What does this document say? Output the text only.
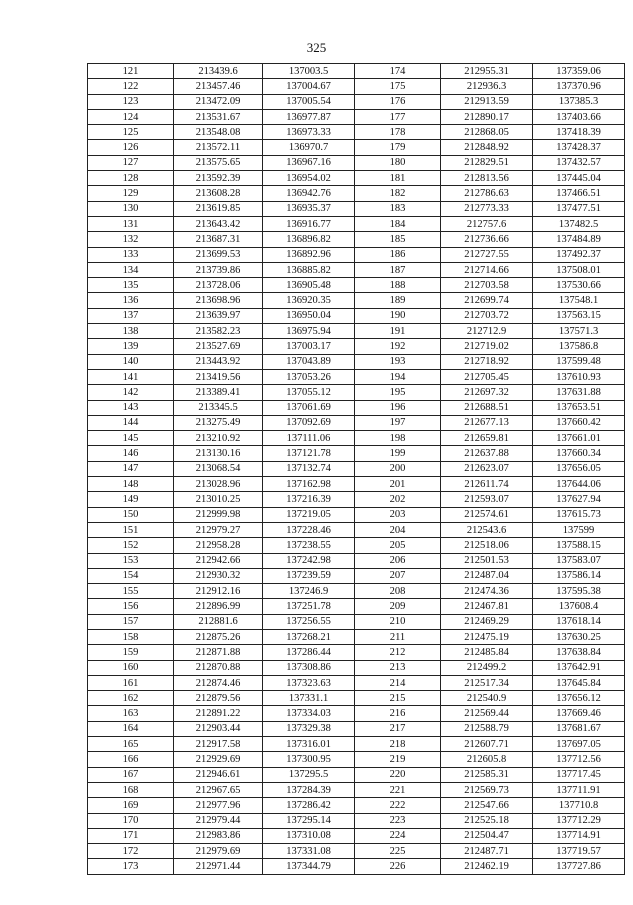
325
121	213439.6	137003.5	174	212955.31	137359.06
122	213457.46	137004.67	175	212936.3	137370.96
123	213472.09	137005.54	176	212913.59	137385.3
124	213531.67	136977.87	177	212890.17	137403.66
125	213548.08	136973.33	178	212868.05	137418.39
126	213572.11	136970.7	179	212848.92	137428.37
127	213575.65	136967.16	180	212829.51	137432.57
128	213592.39	136954.02	181	212813.56	137445.04
129	213608.28	136942.76	182	212786.63	137466.51
130	213619.85	136935.37	183	212773.33	137477.51
131	213643.42	136916.77	184	212757.6	137482.5
132	213687.31	136896.82	185	212736.66	137484.89
133	213699.53	136892.96	186	212727.55	137492.37
134	213739.86	136885.82	187	212714.66	137508.01
135	213728.06	136905.48	188	212703.58	137530.66
136	213698.96	136920.35	189	212699.74	137548.1
137	213639.97	136950.04	190	212703.72	137563.15
138	213582.23	136975.94	191	212712.9	137571.3
139	213527.69	137003.17	192	212719.02	137586.8
140	213443.92	137043.89	193	212718.92	137599.48
141	213419.56	137053.26	194	212705.45	137610.93
142	213389.41	137055.12	195	212697.32	137631.88
143	213345.5	137061.69	196	212688.51	137653.51
144	213275.49	137092.69	197	212677.13	137660.42
145	213210.92	137111.06	198	212659.81	137661.01
146	213130.16	137121.78	199	212637.88	137660.34
147	213068.54	137132.74	200	212623.07	137656.05
148	213028.96	137162.98	201	212611.74	137644.06
149	213010.25	137216.39	202	212593.07	137627.94
150	212999.98	137219.05	203	212574.61	137615.73
151	212979.27	137228.46	204	212543.6	137599
152	212958.28	137238.55	205	212518.06	137588.15
153	212942.66	137242.98	206	212501.53	137583.07
154	212930.32	137239.59	207	212487.04	137586.14
155	212912.16	137246.9	208	212474.36	137595.38
156	212896.99	137251.78	209	212467.81	137608.4
157	212881.6	137256.55	210	212469.29	137618.14
158	212875.26	137268.21	211	212475.19	137630.25
159	212871.88	137286.44	212	212485.84	137638.84
160	212870.88	137308.86	213	212499.2	137642.91
161	212874.46	137323.63	214	212517.34	137645.84
162	212879.56	137331.1	215	212540.9	137656.12
163	212891.22	137334.03	216	212569.44	137669.46
164	212903.44	137329.38	217	212588.79	137681.67
165	212917.58	137316.01	218	212607.71	137697.05
166	212929.69	137300.95	219	212605.8	137712.56
167	212946.61	137295.5	220	212585.31	137717.45
168	212967.65	137284.39	221	212569.73	137711.91
169	212977.96	137286.42	222	212547.66	137710.8
170	212979.44	137295.14	223	212525.18	137712.29
171	212983.86	137310.08	224	212504.47	137714.91
172	212979.69	137331.08	225	212487.71	137719.57
173	212971.44	137344.79	226	212462.19	137727.86
